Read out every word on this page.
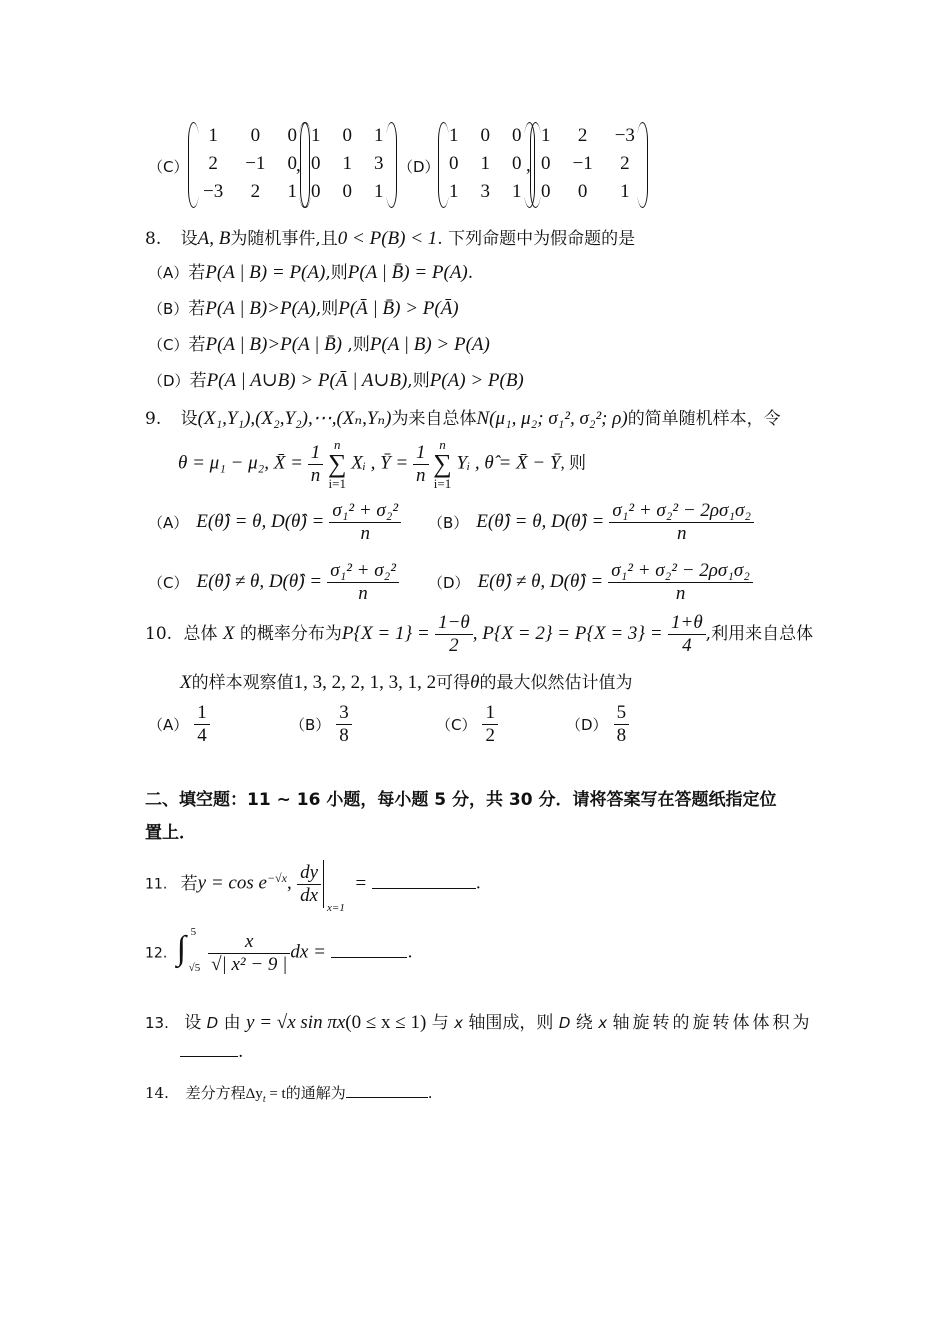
（C）
1	0	0
2	−1	0
−3	2	1
,
1	0	1
0	1	3
0	0	1
（D）
1	0	0
0	1	0
1	3	1
,
1	2	−3
0	−1	2
0	0	1
8. 设A, B为随机事件,且0 < P(B) < 1. 下列命题中为假命题的是
（A）若P(A | B) = P(A),则P(A | B̄) = P(A).
（B）若P(A | B)>P(A),则P(Ā | B̄) > P(Ā)
（C）若P(A | B)>P(A | B̄) ,则P(A | B) > P(A)
（D）若P(A | A∪B) > P(Ā | A∪B),则P(A) > P(B)
9. 设(X₁,Y₁),(X₂,Y₂),⋯,(Xₙ,Yₙ)为来自总体N(μ₁, μ₂; σ₁², σ₂²; ρ)的简单随机样本，令
θ = μ₁ − μ₂, X̄ = $\frac{1}{n}$
n
∑
i=1
Xᵢ , Ȳ = $\frac{1}{n}$
n
∑
i=1
Yᵢ , θ̂ = X̄ − Ȳ, 则
（A） E(θ̂) = θ, D(θ̂) = $\frac{\text{σ₁² + σ₂²}}{n} (B)$ E(θ̂) = θ, D(θ̂) = $\frac{\text{σ₁² + σ₂² − 2ρσ₁σ₂}}{n}$
（C） E(θ̂) ≠ θ, D(θ̂) = $\frac{\text{σ₁² + σ₂²}}{n} (D)$ E(θ̂) ≠ θ, D(θ̂) = $\frac{\text{σ₁² + σ₂² − 2ρσ₁σ₂}}{n}$
10. 总体 X 的概率分布为$P\{X = 1\} = \frac{1-\theta}{2}$ , $P\{X = 2\} = P\{X = 3\} = \frac{1+\theta}{4}$ ,利用来自总体
X的样本观察值1, 3, 2, 2, 1, 3, 1, 2可得θ的最大似然估计值为
$(A) \frac{1}{4}$	$(B) \frac{3}{8}$	$(C) \frac{1}{2}$	$(D) \frac{5}{8}$
二、填空题：11 ~ 16 小题，每小题 5 分，共 30 分．请将答案写在答题纸指定位
置上．
11. 若$y = \cos e^{-√x}$, $\frac{dy}{dx}$
x=1
=	.
12. ∫ 5
√5
$\frac{x}{\text{√| x² − 9 |}}$ dx =	.
13. 设 D 由 y = √x sin πx(0 ≤ x ≤ 1) 与 x 轴围成，则 D 绕 x 轴旋转的旋转体体积为
.
14. 差分方程$\Delta y_t = t$的通解为	.
